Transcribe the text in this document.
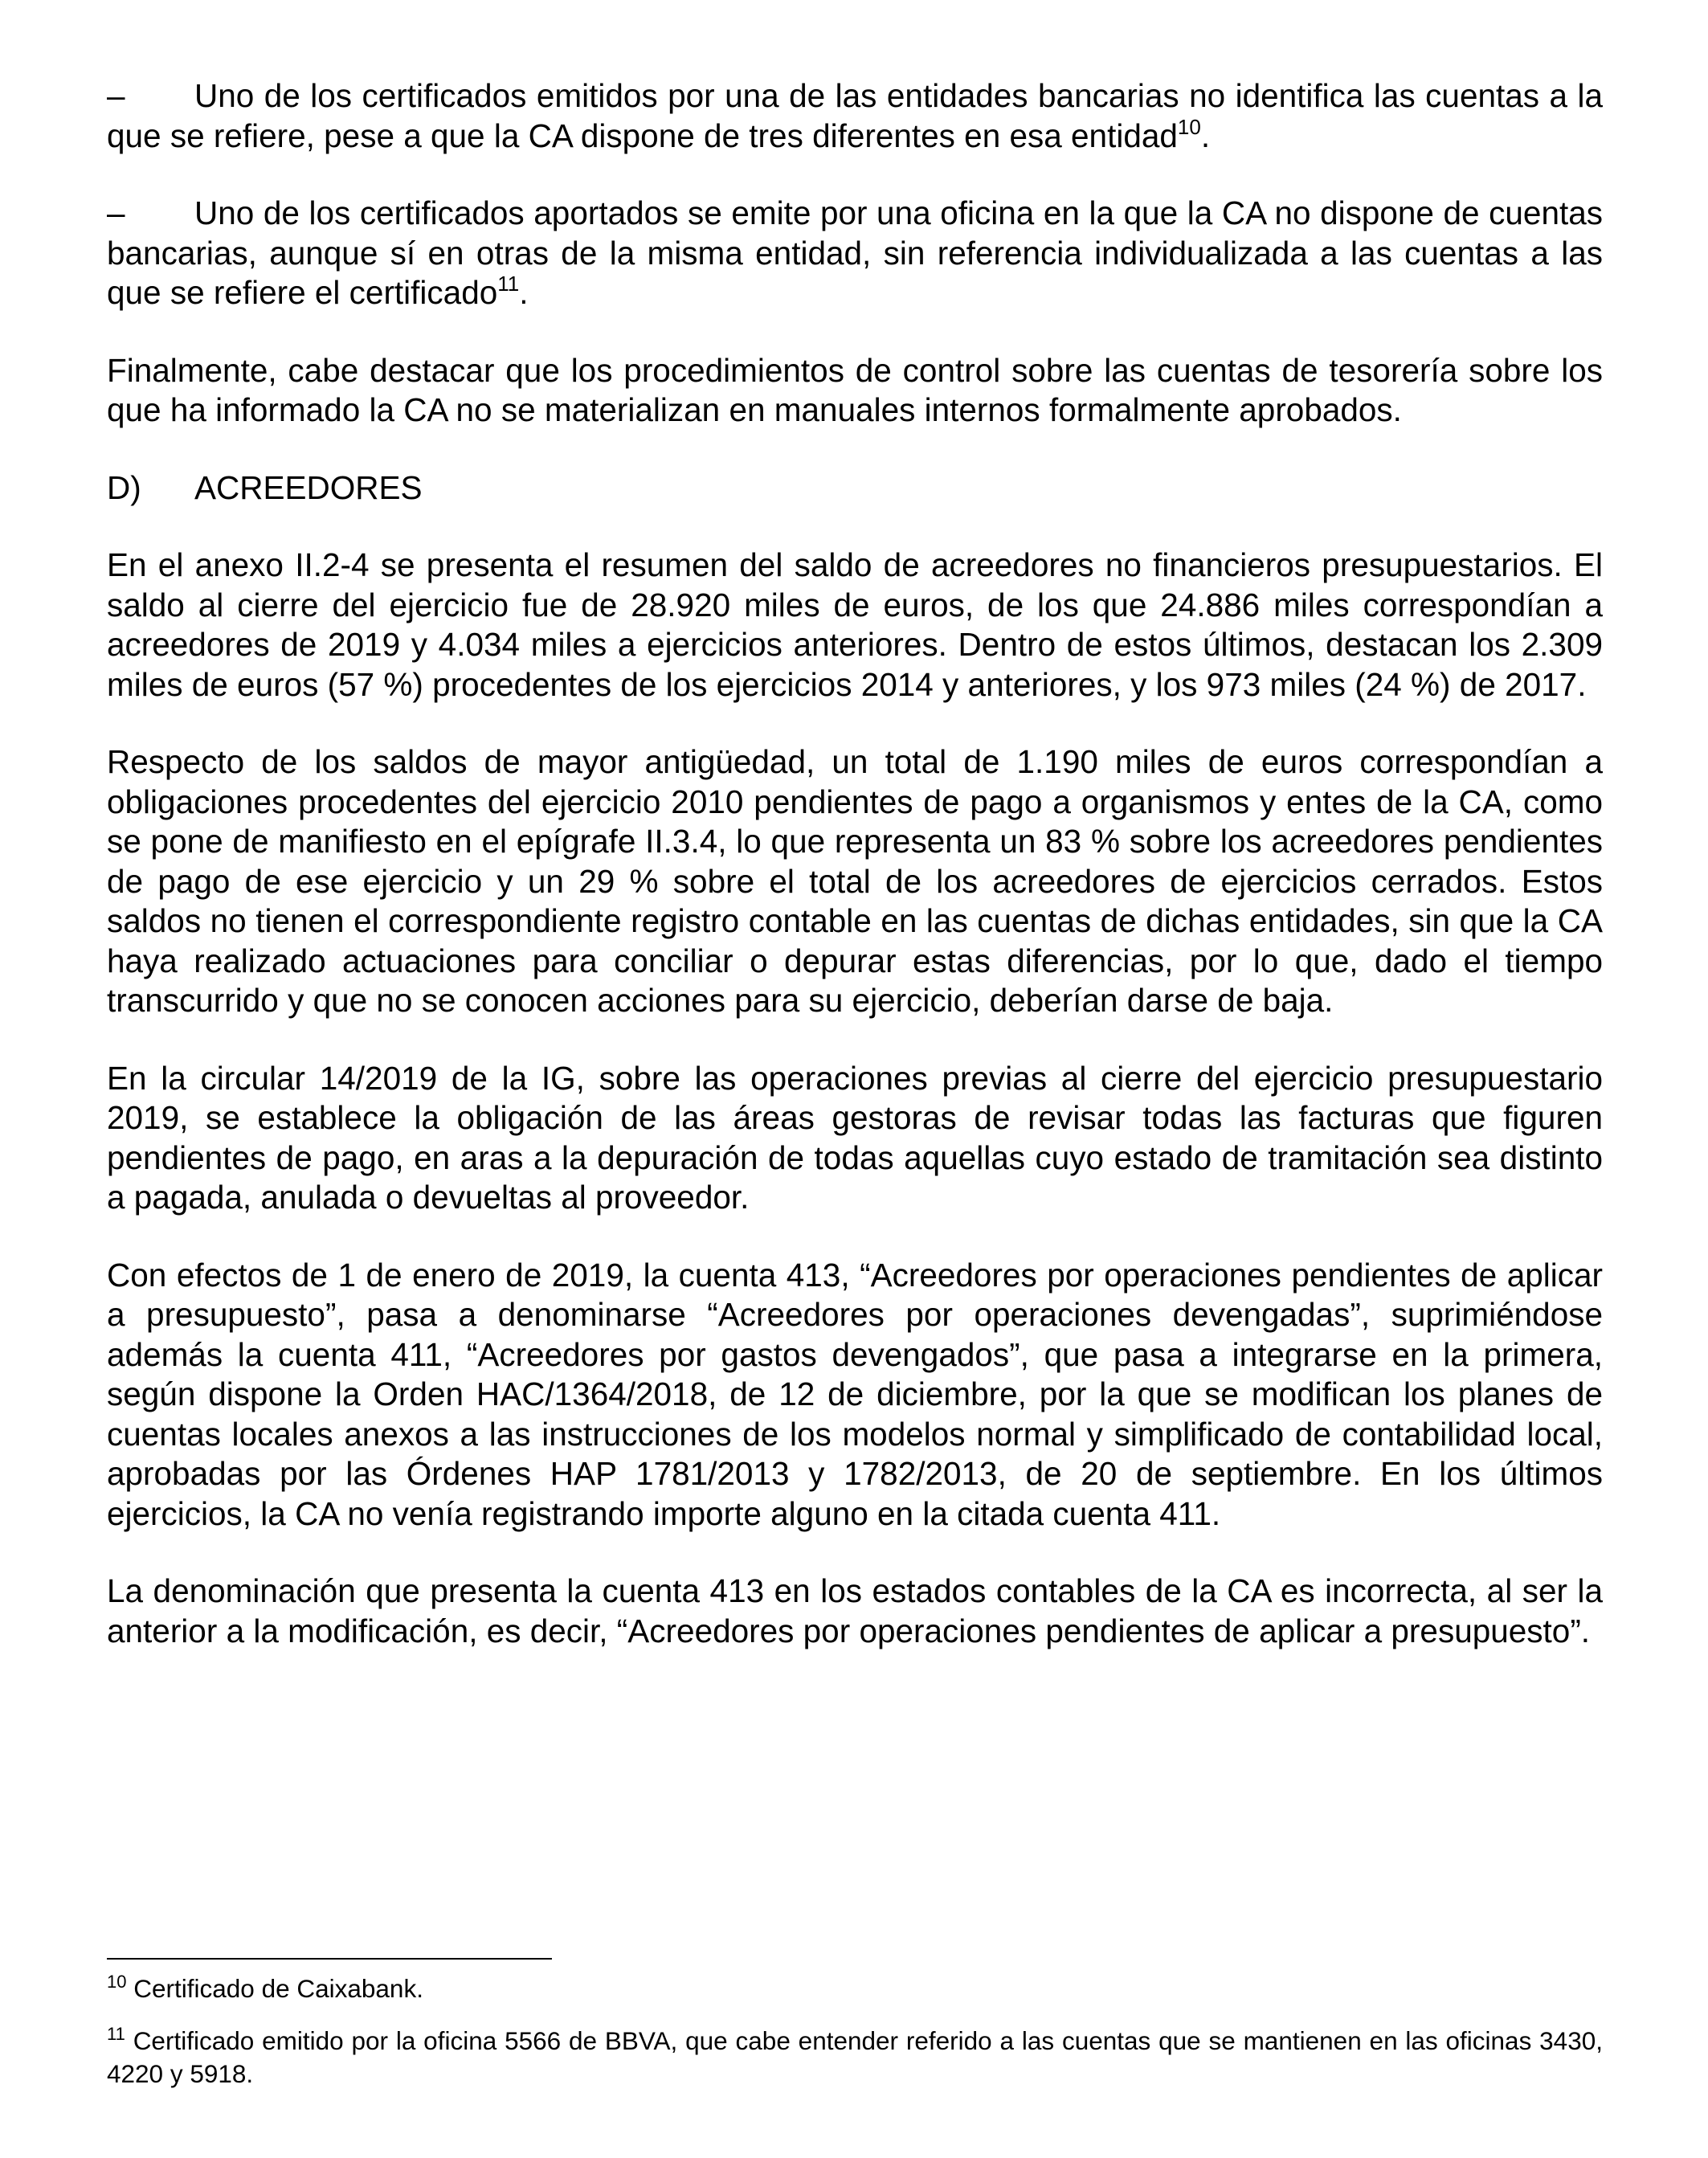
– Uno de los certificados emitidos por una de las entidades bancarias no identifica las cuentas a la que se refiere, pese a que la CA dispone de tres diferentes en esa entidad$^{10}$.

– Uno de los certificados aportados se emite por una oficina en la que la CA no dispone de cuentas bancarias, aunque sí en otras de la misma entidad, sin referencia individualizada a las cuentas a las que se refiere el certificado$^{11}$.

Finalmente, cabe destacar que los procedimientos de control sobre las cuentas de tesorería sobre los que ha informado la CA no se materializan en manuales internos formalmente aprobados.

D)	ACREEDORES

En el anexo II.2-4 se presenta el resumen del saldo de acreedores no financieros presupuestarios. El saldo al cierre del ejercicio fue de 28.920 miles de euros, de los que 24.886 miles correspondían a acreedores de 2019 y 4.034 miles a ejercicios anteriores. Dentro de estos últimos, destacan los 2.309 miles de euros (57 %) procedentes de los ejercicios 2014 y anteriores, y los 973 miles (24 %) de 2017.

Respecto de los saldos de mayor antigüedad, un total de 1.190 miles de euros correspondían a obligaciones procedentes del ejercicio 2010 pendientes de pago a organismos y entes de la CA, como se pone de manifiesto en el epígrafe II.3.4, lo que representa un 83 % sobre los acreedores pendientes de pago de ese ejercicio y un 29 % sobre el total de los acreedores de ejercicios cerrados. Estos saldos no tienen el correspondiente registro contable en las cuentas de dichas entidades, sin que la CA haya realizado actuaciones para conciliar o depurar estas diferencias, por lo que, dado el tiempo transcurrido y que no se conocen acciones para su ejercicio, deberían darse de baja.

En la circular 14/2019 de la IG, sobre las operaciones previas al cierre del ejercicio presupuestario 2019, se establece la obligación de las áreas gestoras de revisar todas las facturas que figuren pendientes de pago, en aras a la depuración de todas aquellas cuyo estado de tramitación sea distinto a pagada, anulada o devueltas al proveedor.

Con efectos de 1 de enero de 2019, la cuenta 413, “Acreedores por operaciones pendientes de aplicar a presupuesto”, pasa a denominarse “Acreedores por operaciones devengadas”, suprimiéndose además la cuenta 411, “Acreedores por gastos devengados”, que pasa a integrarse en la primera, según dispone la Orden HAC/1364/2018, de 12 de diciembre, por la que se modifican los planes de cuentas locales anexos a las instrucciones de los modelos normal y simplificado de contabilidad local, aprobadas por las Órdenes HAP 1781/2013 y 1782/2013, de 20 de septiembre. En los últimos ejercicios, la CA no venía registrando importe alguno en la citada cuenta 411.

La denominación que presenta la cuenta 413 en los estados contables de la CA es incorrecta, al ser la anterior a la modificación, es decir, “Acreedores por operaciones pendientes de aplicar a presupuesto”.

$^{10}$ Certificado de Caixabank.

$^{11}$ Certificado emitido por la oficina 5566 de BBVA, que cabe entender referido a las cuentas que se mantienen en las oficinas 3430, 4220 y 5918.
